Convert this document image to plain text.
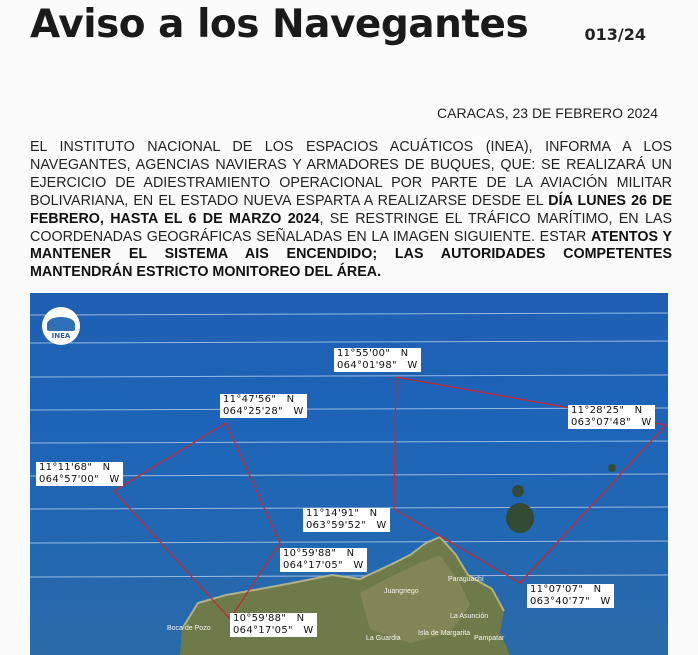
Aviso a los Navegantes	013/24
CARACAS, 23 DE FEBRERO 2024

EL INSTITUTO NACIONAL DE LOS ESPACIOS ACUÁTICOS (INEA), INFORMA A LOS NAVEGANTES, AGENCIAS NAVIERAS Y ARMADORES DE BUQUES, QUE: SE REALIZARÁ UN EJERCICIO DE ADIESTRAMIENTO OPERACIONAL POR PARTE DE LA AVIACIÓN MILITAR BOLIVARIANA, EN EL ESTADO NUEVA ESPARTA A REALIZARSE DESDE EL DÍA LUNES 26 DE FEBRERO, HASTA EL 6 DE MARZO 2024, SE RESTRINGE EL TRÁFICO MARÍTIMO, EN LAS COORDENADAS GEOGRÁFICAS SEÑALADAS EN LA IMAGEN SIGUIENTE. ESTAR ATENTOS Y MANTENER EL SISTEMA AIS ENCENDIDO; LAS AUTORIDADES COMPETENTES MANTENDRÁN ESTRICTO MONITOREO DEL ÁREA.

INEA
11°55'00"   N
064°01'98"   W
11°47'56"   N
064°25'28"   W	11°28'25"   N
063°07'48"   W
11°11'68"   N
064°57'00"   W
11°14'91"   N
063°59'52"   W
10°59'88"   N
064°17'05"   W
11°07'07"   N
063°40'77"   W
10°59'88"   N
064°17'05"   W
Paraguachí
Juangriego
La Asunción
Boca de Pozo
La Guardia
Isla de Margarita
Pampatar
